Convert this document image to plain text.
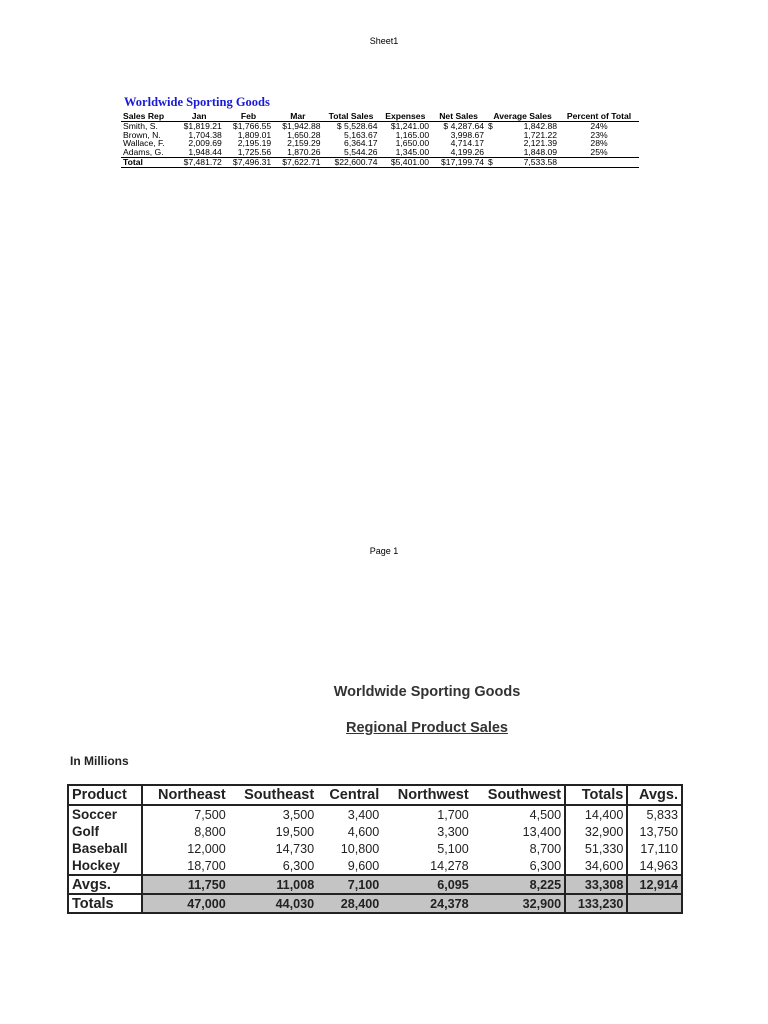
Sheet1
Worldwide Sporting Goods
Sales Rep	Jan	Feb	Mar	Total Sales	Expenses	Net Sales	Average Sales		Percent of Total
Smith, S.	$1,819.21	$1,766.55	$1,942.88	$ 5,528.64	$1,241.00	$ 4,287.64	$	1,842.88	24%
Brown, N.	1,704.38	1,809.01	1,650.28	5,163.67	1,165.00	3,998.67		1,721.22	23%
Wallace, F.	2,009.69	2,195.19	2,159.29	6,364.17	1,650.00	4,714.17		2,121.39	28%
Adams, G.	1,948.44	1,725.56	1,870.26	5,544.26	1,345.00	4,199.26		1,848.09	25%
Total	$7,481.72	$7,496.31	$7,622.71	$22,600.74	$5,401.00	$17,199.74	$	7,533.58	
Page 1
Worldwide Sporting Goods
Regional Product Sales
In Millions
Product	Northeast	Southeast	Central	Northwest	Southwest	Totals	Avgs.
Soccer	7,500	3,500	3,400	1,700	4,500	14,400	5,833
Golf	8,800	19,500	4,600	3,300	13,400	32,900	13,750
Baseball	12,000	14,730	10,800	5,100	8,700	51,330	17,110
Hockey	18,700	6,300	9,600	14,278	6,300	34,600	14,963
Avgs.	11,750	11,008	7,100	6,095	8,225	33,308	12,914
Totals	47,000	44,030	28,400	24,378	32,900	133,230	
